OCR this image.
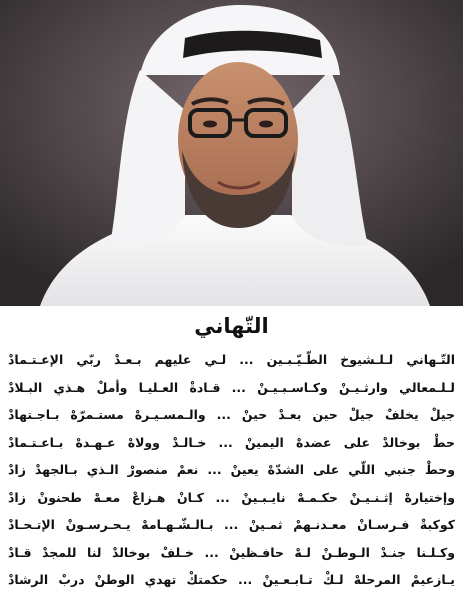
التّهاني
التّـهاني لـلـشيوخ الطّـيّـبـين ... لـي عليهم بـعـدْ ربّي الإعـتـمادْ
لـلـمعالي وارثـيـنْ وكـاسـبـيـنْ ... قـادةْ العـليـا وأملْ هـذي البـلادْ
جيلْ يخلفْ جيلْ حين بعـدْ حينْ ... والـمسـيـرهْ مستـمرّهْ بـاجـتهادْ
حطْ بوخالدْ على عضدهْ اليمينْ ... خـالـدْ وولاهْ عـهـدهْ بـاعـتـمادْ
وحطْ جنبي اللّي على الشدّهْ يعينْ ... نعمْ منصورْ الـذي بـالجهدْ زادْ
وإختيارهْ إثـنـيـنْ حكـمـهْ نايـبـينْ ... كـانْ هـزاعْ معـهْ طحنونْ زادْ
كوكبةْ فـرسـانْ معـدنـهمْ ثمـينْ ... بـالـشّـهـامهْ يـحـرسـونْ الإتـحـادْ
وكـلـنا جنـدْ الـوطـنْ لـهْ حافـظينْ ... خـلفْ بوخالدْ لنا للمجدْ قـادْ
يـازعيمْ المرحلهْ لـكْ تـابـعـينْ ... حكمتكْ تهدي الوطنْ دربْ الرشادْ
